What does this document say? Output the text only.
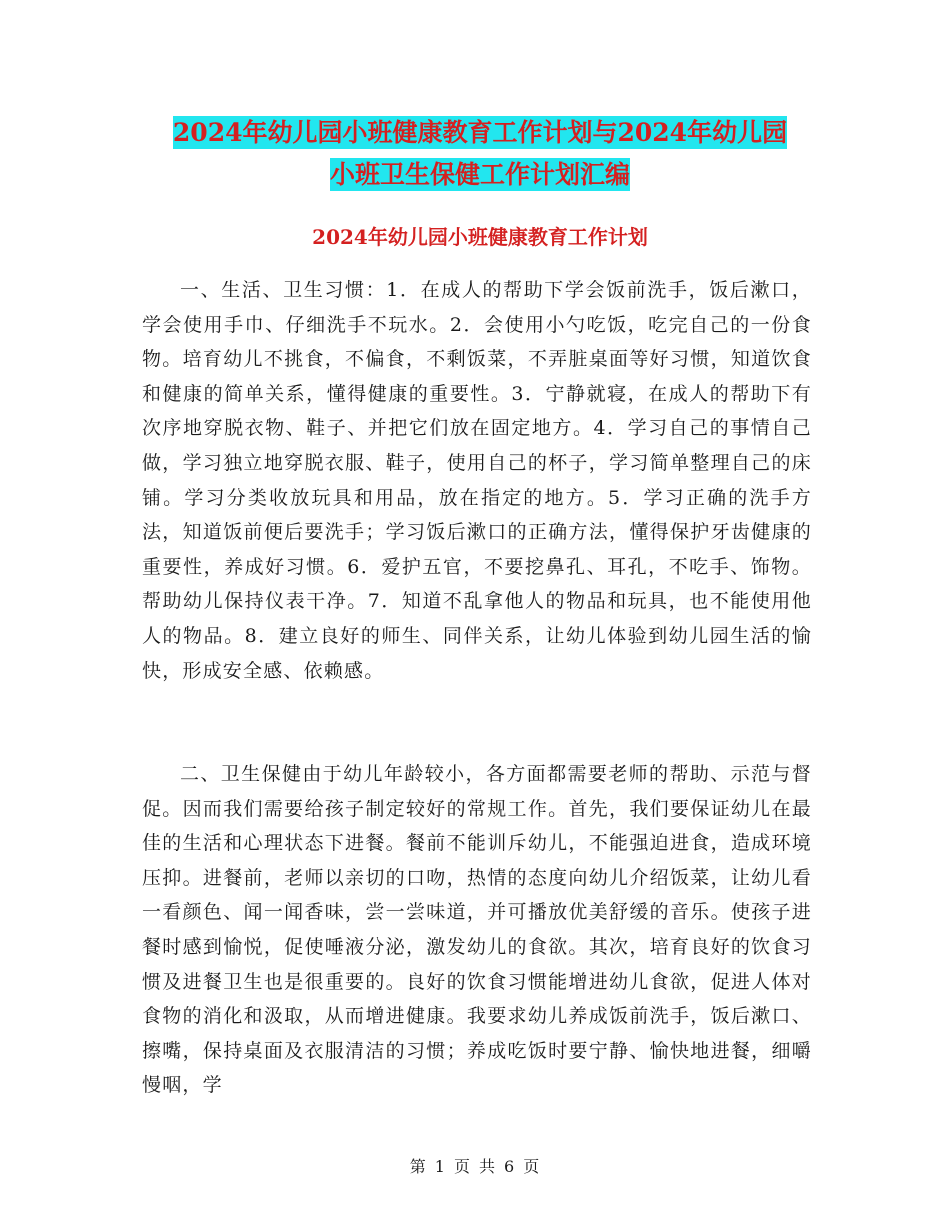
2024年幼儿园小班健康教育工作计划与2024年幼儿园
小班卫生保健工作计划汇编
2024年幼儿园小班健康教育工作计划

一、生活、卫生习惯：1．在成人的帮助下学会饭前洗手，饭后漱口，学会使用手巾、仔细洗手不玩水。2．会使用小勺吃饭，吃完自己的一份食物。培育幼儿不挑食，不偏食，不剩饭菜，不弄脏桌面等好习惯，知道饮食和健康的简单关系，懂得健康的重要性。3．宁静就寝，在成人的帮助下有次序地穿脱衣物、鞋子、并把它们放在固定地方。4．学习自己的事情自己做，学习独立地穿脱衣服、鞋子，使用自己的杯子，学习简单整理自己的床铺。学习分类收放玩具和用品，放在指定的地方。5．学习正确的洗手方法，知道饭前便后要洗手；学习饭后漱口的正确方法，懂得保护牙齿健康的重要性，养成好习惯。6．爱护五官，不要挖鼻孔、耳孔，不吃手、饰物。帮助幼儿保持仪表干净。7．知道不乱拿他人的物品和玩具，也不能使用他人的物品。8．建立良好的师生、同伴关系，让幼儿体验到幼儿园生活的愉快，形成安全感、依赖感。

二、卫生保健由于幼儿年龄较小，各方面都需要老师的帮助、示范与督促。因而我们需要给孩子制定较好的常规工作。首先，我们要保证幼儿在最佳的生活和心理状态下进餐。餐前不能训斥幼儿，不能强迫进食，造成环境压抑。进餐前，老师以亲切的口吻，热情的态度向幼儿介绍饭菜，让幼儿看一看颜色、闻一闻香味，尝一尝味道，并可播放优美舒缓的音乐。使孩子进餐时感到愉悦，促使唾液分泌，激发幼儿的食欲。其次，培育良好的饮食习惯及进餐卫生也是很重要的。良好的饮食习惯能增进幼儿食欲，促进人体对食物的消化和汲取，从而增进健康。我要求幼儿养成饭前洗手，饭后漱口、擦嘴，保持桌面及衣服清洁的习惯；养成吃饭时要宁静、愉快地进餐，细嚼慢咽，学

第 1 页 共 6 页
